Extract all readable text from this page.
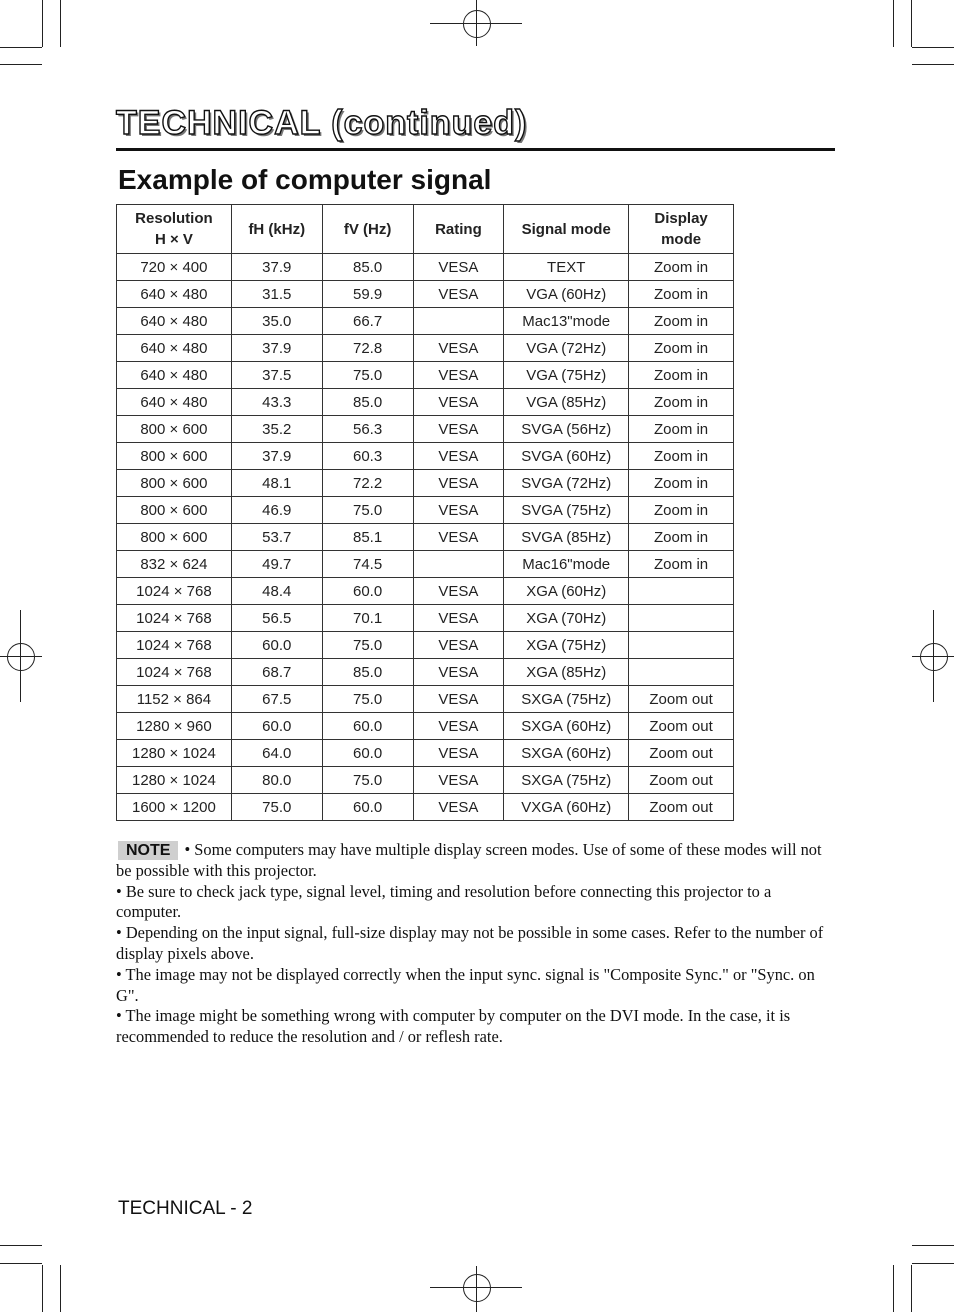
TECHNICAL (continued)
Example of computer signal
Resolution
H × V	fH (kHz)	fV (Hz)	Rating	Signal mode	Display
mode
720 × 400	37.9	85.0	VESA	TEXT	Zoom in
640 × 480	31.5	59.9	VESA	VGA (60Hz)	Zoom in
640 × 480	35.0	66.7		Mac13"mode	Zoom in
640 × 480	37.9	72.8	VESA	VGA (72Hz)	Zoom in
640 × 480	37.5	75.0	VESA	VGA (75Hz)	Zoom in
640 × 480	43.3	85.0	VESA	VGA (85Hz)	Zoom in
800 × 600	35.2	56.3	VESA	SVGA (56Hz)	Zoom in
800 × 600	37.9	60.3	VESA	SVGA (60Hz)	Zoom in
800 × 600	48.1	72.2	VESA	SVGA (72Hz)	Zoom in
800 × 600	46.9	75.0	VESA	SVGA (75Hz)	Zoom in
800 × 600	53.7	85.1	VESA	SVGA (85Hz)	Zoom in
832 × 624	49.7	74.5		Mac16"mode	Zoom in
1024 × 768	48.4	60.0	VESA	XGA (60Hz)	
1024 × 768	56.5	70.1	VESA	XGA (70Hz)	
1024 × 768	60.0	75.0	VESA	XGA (75Hz)	
1024 × 768	68.7	85.0	VESA	XGA (85Hz)	
1152 × 864	67.5	75.0	VESA	SXGA (75Hz)	Zoom out
1280 × 960	60.0	60.0	VESA	SXGA (60Hz)	Zoom out
1280 × 1024	64.0	60.0	VESA	SXGA (60Hz)	Zoom out
1280 × 1024	80.0	75.0	VESA	SXGA (75Hz)	Zoom out
1600 × 1200	75.0	60.0	VESA	VXGA (60Hz)	Zoom out

NOTE • Some computers may have multiple display screen modes. Use of some of these modes will not be possible with this projector.

• Be sure to check jack type, signal level, timing and resolution before connecting this projector to a computer.

• Depending on the input signal, full-size display may not be possible in some cases. Refer to the number of display pixels above.

• The image may not be displayed correctly when the input sync. signal is "Composite Sync." or "Sync. on G".

• The image might be something wrong with computer by computer on the DVI mode. In the case, it is recommended to reduce the resolution and / or reflesh rate.

TECHNICAL - 2
